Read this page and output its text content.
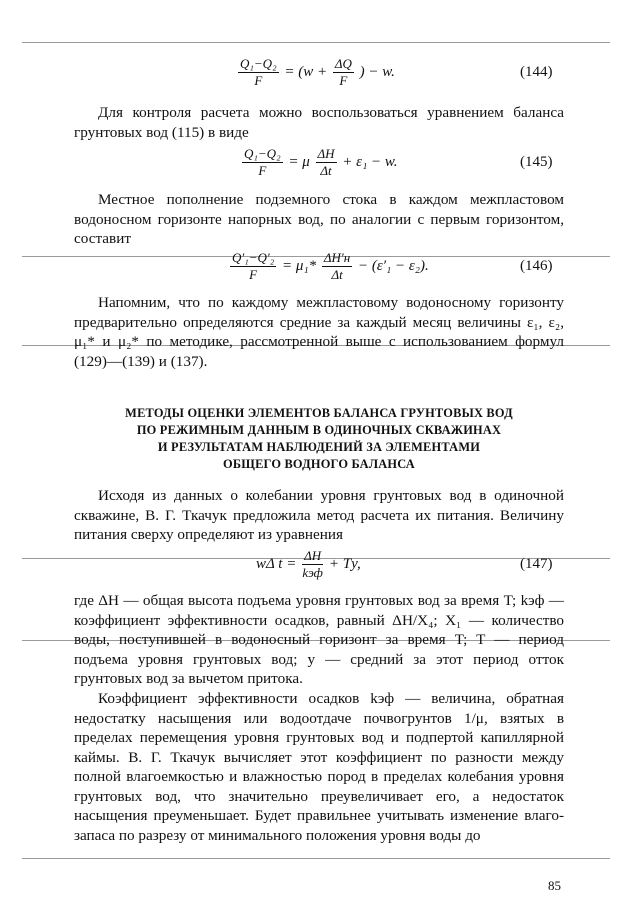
$\frac{\text{Q₁−Q₂}}{F} = (w + \frac{\Delta Q}{F}$ ) − w.	(144)

Для контроля расчета можно воспользоваться уравнением баланса грунтовых вод (115) в виде

$\frac{\text{Q₁−Q₂}}{F} = \mu \frac{\Delta H}{\Delta t} + \varepsilon_1 - w$.	(145)

Местное пополнение подземного стока в каждом межпластовом водоносном горизонте напорных вод, по аналогии с первым горизонтом, составит

$\frac{\text{Q′₁−Q′₂}}{F} = \mu_1* \frac{\Delta H'н}{\Delta t} - (\varepsilon'_1 - \varepsilon_2)$.	(146)

Напомним, что по каждому межпластовому водоносному горизонту предварительно определяются средние за каждый месяц величины ε₁, ε₂, μ₁* и μ₂* по методике, рассмотренной выше с использованием формул (129)—(139) и (137).

МЕТОДЫ ОЦЕНКИ ЭЛЕМЕНТОВ БАЛАНСА ГРУНТОВЫХ ВОД
ПО РЕЖИМНЫМ ДАННЫМ В ОДИНОЧНЫХ СКВАЖИНАХ
И РЕЗУЛЬТАТАМ НАБЛЮДЕНИЙ ЗА ЭЛЕМЕНТАМИ
ОБЩЕГО ВОДНОГО БАЛАНСА

Исходя из данных о колебании уровня грунтовых вод в одиночной скважине, В. Г. Ткачук предложила метод расчета их питания. Величину питания сверху определяют из уравнения

wΔ $t = \frac{\Delta H}{\text{kэф}}$ + Tу,	(147)

где ΔH — общая высота подъема уровня грунтовых вод за время T; kэф — коэффициент эффективности осадков, равный ΔH/X₄; X₁ — количество воды, поступившей в водоносный горизонт за время T; T — период подъема уровня грунтовых вод; y — средний за этот период отток грунтовых вод за вычетом притока.

Коэффициент эффективности осадков kэф — величина, обратная недостатку насыщения или водоотдаче почвогрунтов 1/μ, взятых в пределах перемещения уровня грунтовых вод и подпертой капиллярной каймы. В. Г. Ткачук вычисляет этот коэффициент по разности между полной влагоемкостью и влажностью пород в пределах колебания уровня грунтовых вод, что значительно преувеличивает его, а недостаток насыщения преуменьшает. Будет правильнее учитывать изменение влагозапаса по разрезу от минимального положения уровня воды до

85
